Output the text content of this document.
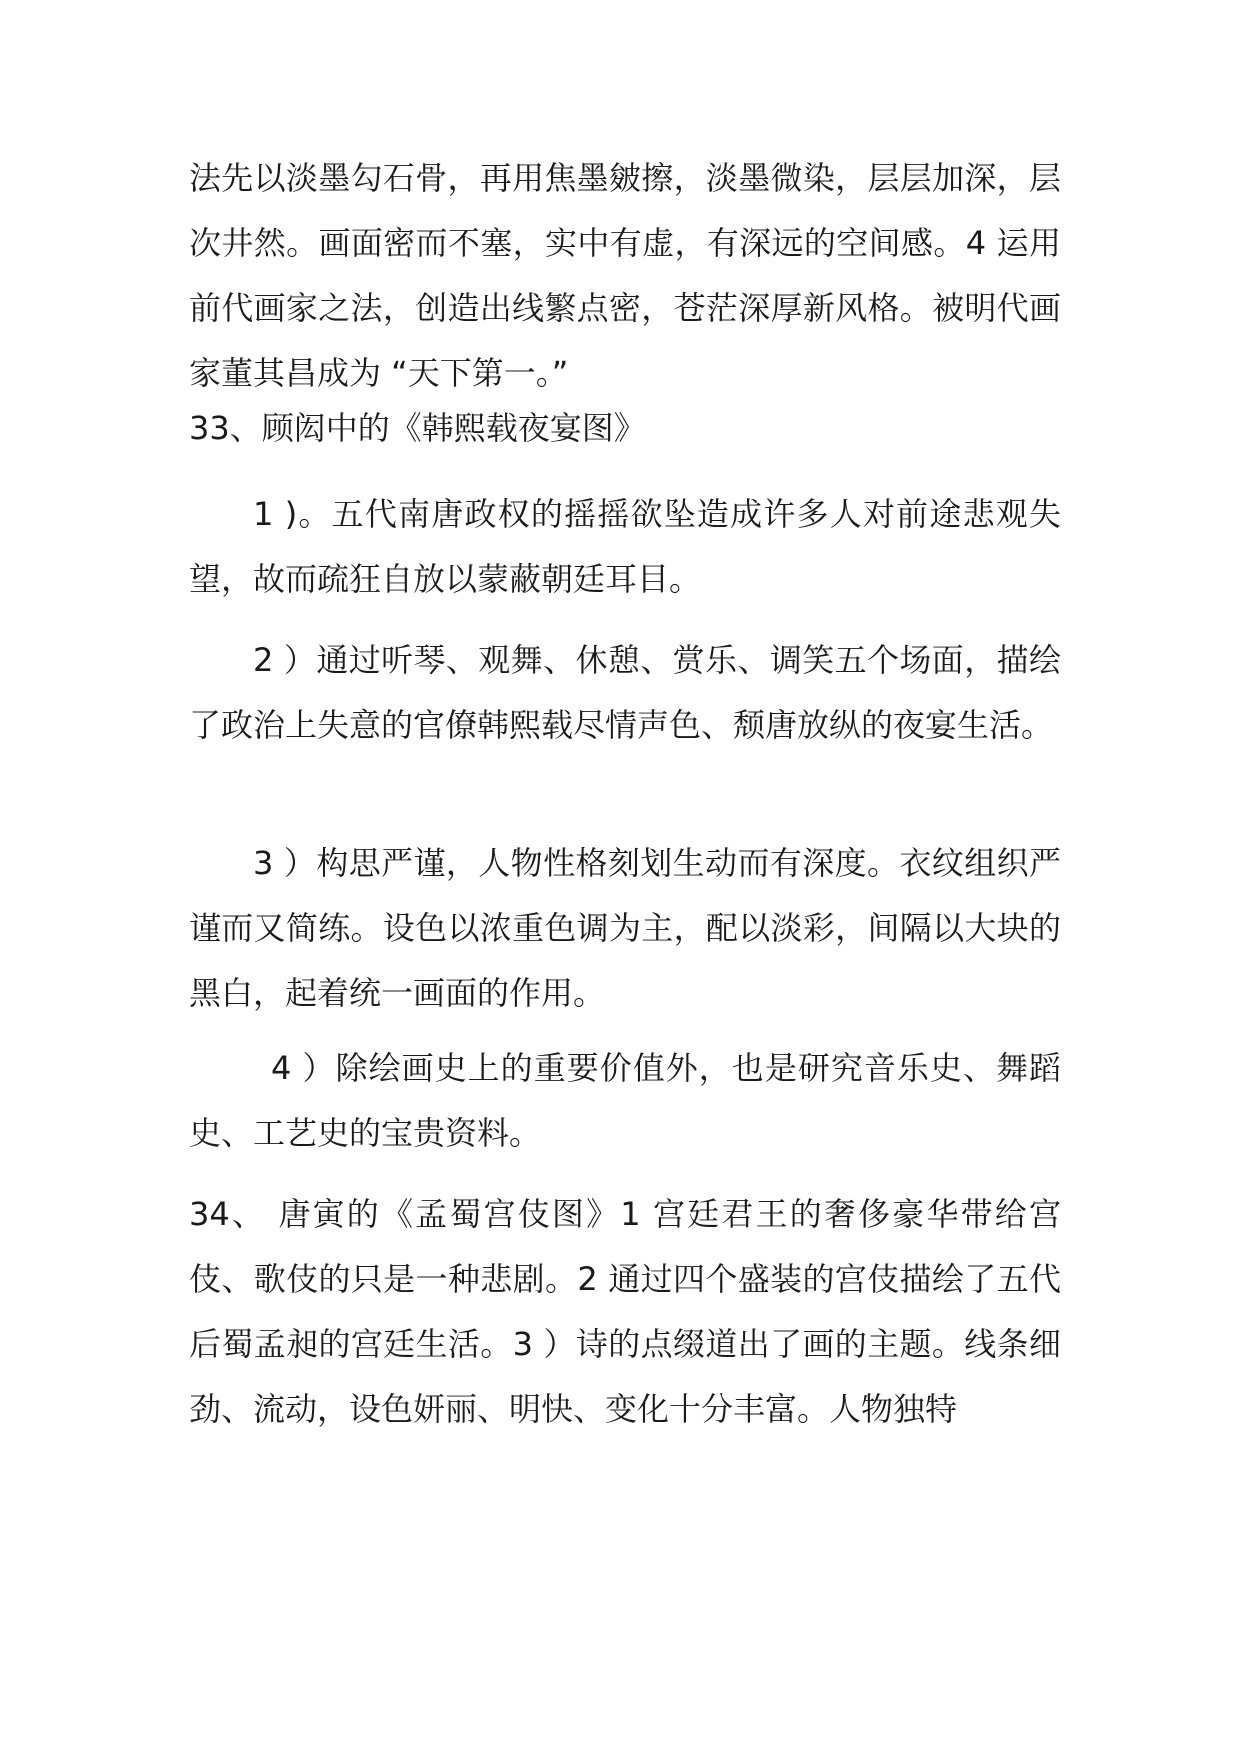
法先以淡墨勾石骨，再用焦墨皴擦，淡墨微染，层层加深，层次井然。画面密而不塞，实中有虚，有深远的空间感。4 运用前代画家之法，创造出线繁点密，苍茫深厚新风格。被明代画家董其昌成为 “天下第一。”

33、顾闳中的《韩熙载夜宴图》

1 )。五代南唐政权的摇摇欲坠造成许多人对前途悲观失望，故而疏狂自放以蒙蔽朝廷耳目。

2 ）通过听琴、观舞、休憩、赏乐、调笑五个场面，描绘了政治上失意的官僚韩熙载尽情声色、颓唐放纵的夜宴生活。

3 ）构思严谨，人物性格刻划生动而有深度。衣纹组织严谨而又简练。设色以浓重色调为主，配以淡彩，间隔以大块的黑白，起着统一画面的作用。

4 ）除绘画史上的重要价值外，也是研究音乐史、舞蹈史、工艺史的宝贵资料。

34、 唐寅的《孟蜀宫伎图》1 宫廷君王的奢侈豪华带给宫伎、歌伎的只是一种悲剧。2 通过四个盛装的宫伎描绘了五代后蜀孟昶的宫廷生活。3 ）诗的点缀道出了画的主题。线条细劲、流动，设色妍丽、明快、变化十分丰富。人物独特
